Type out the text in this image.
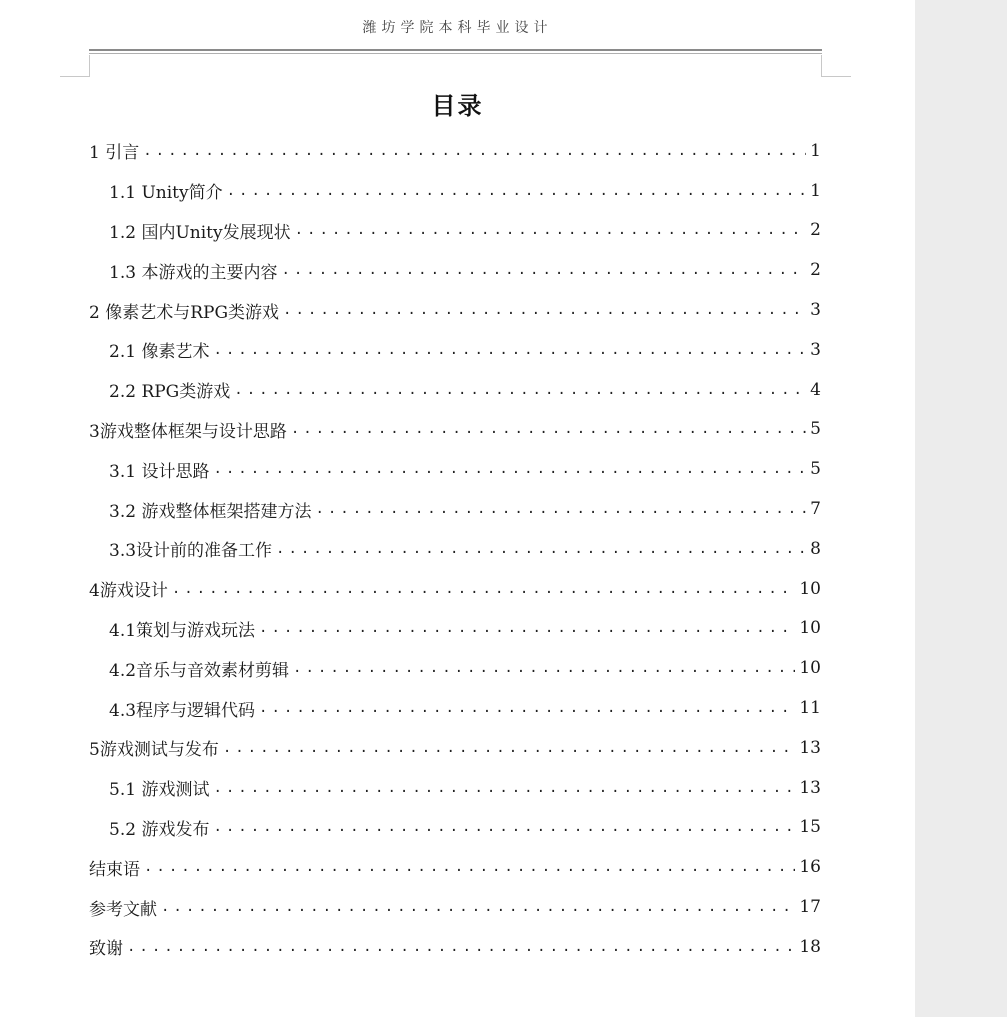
潍坊学院本科毕业设计
目录
1 引言 .....	1
1.1 Unity简介 .....	1
1.2 国内Unity发展现状 .....	2
1.3 本游戏的主要内容 .....	2
2 像素艺术与RPG类游戏 .....	3
2.1 像素艺术 .....	3
2.2 RPG类游戏 .....	4
3游戏整体框架与设计思路 .....	5
3.1 设计思路 .....	5
3.2 游戏整体框架搭建方法 .....	7
3.3设计前的准备工作 .....	8
4游戏设计 .....	10
4.1策划与游戏玩法 .....	10
4.2音乐与音效素材剪辑 .....	10
4.3程序与逻辑代码 .....	11
5游戏测试与发布 .....	13
5.1 游戏测试 .....	13
5.2 游戏发布 .....	15
结束语 .....	16
参考文献 .....	17
致谢 .....	18
